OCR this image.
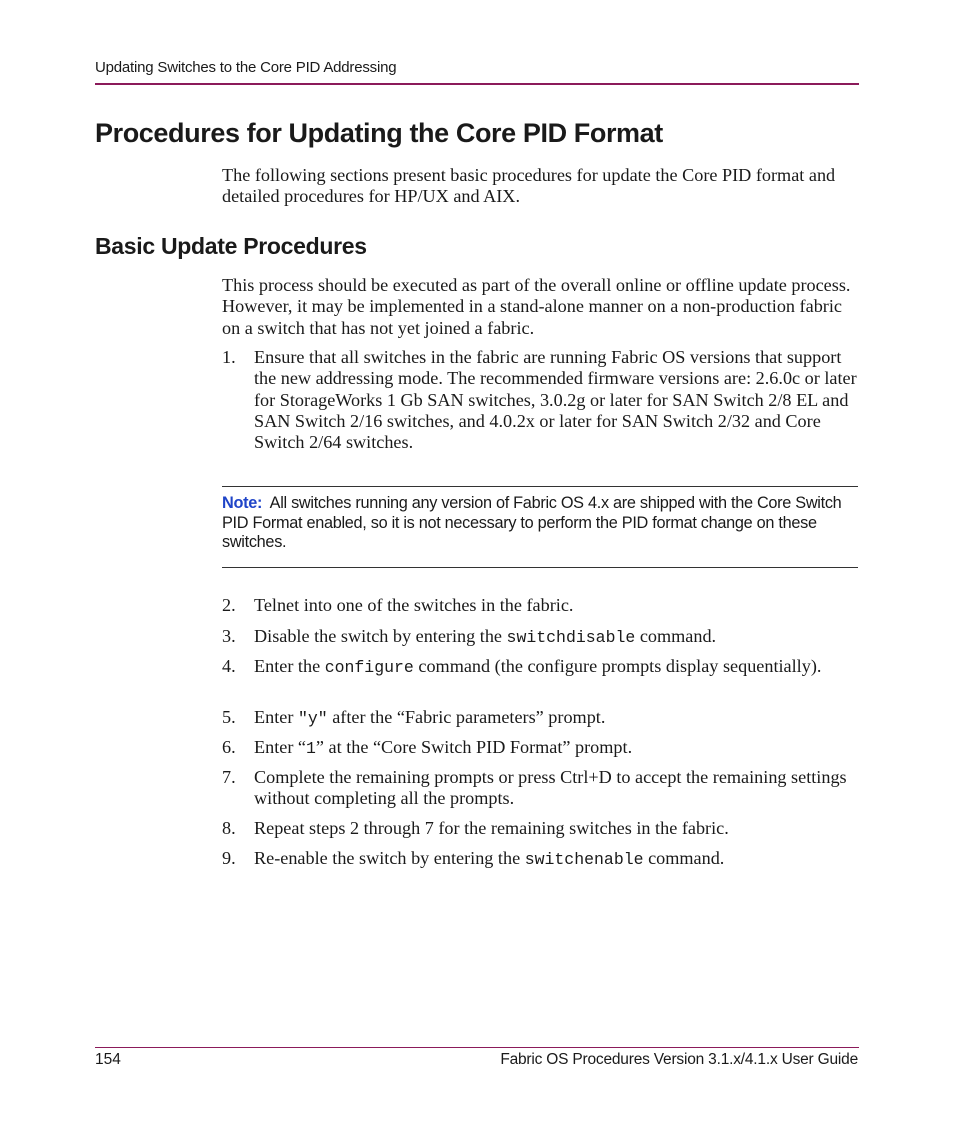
Updating Switches to the Core PID Addressing
Procedures for Updating the Core PID Format

The following sections present basic procedures for update the Core PID format and detailed procedures for HP/UX and AIX.

Basic Update Procedures

This process should be executed as part of the overall online or offline update process. However, it may be implemented in a stand-alone manner on a non-production fabric on a switch that has not yet joined a fabric.

1. Ensure that all switches in the fabric are running Fabric OS versions that support the new addressing mode. The recommended firmware versions are: 2.6.0c or later for StorageWorks 1 Gb SAN switches, 3.0.2g or later for SAN Switch 2/8 EL and SAN Switch 2/16 switches, and 4.0.2x or later for SAN Switch 2/32 and Core Switch 2/64 switches.
Note: All switches running any version of Fabric OS 4.x are shipped with the Core Switch PID Format enabled, so it is not necessary to perform the PID format change on these switches.
2. Telnet into one of the switches in the fabric.
3. Disable the switch by entering the switchdisable command.
4. Enter the configure command (the configure prompts display sequentially).
5. Enter "y" after the “Fabric parameters” prompt.
6. Enter “1” at the “Core Switch PID Format” prompt.
7. Complete the remaining prompts or press Ctrl+D to accept the remaining settings without completing all the prompts.
8. Repeat steps 2 through 7 for the remaining switches in the fabric.
9. Re-enable the switch by entering the switchenable command.
154	Fabric OS Procedures Version 3.1.x/4.1.x User Guide
